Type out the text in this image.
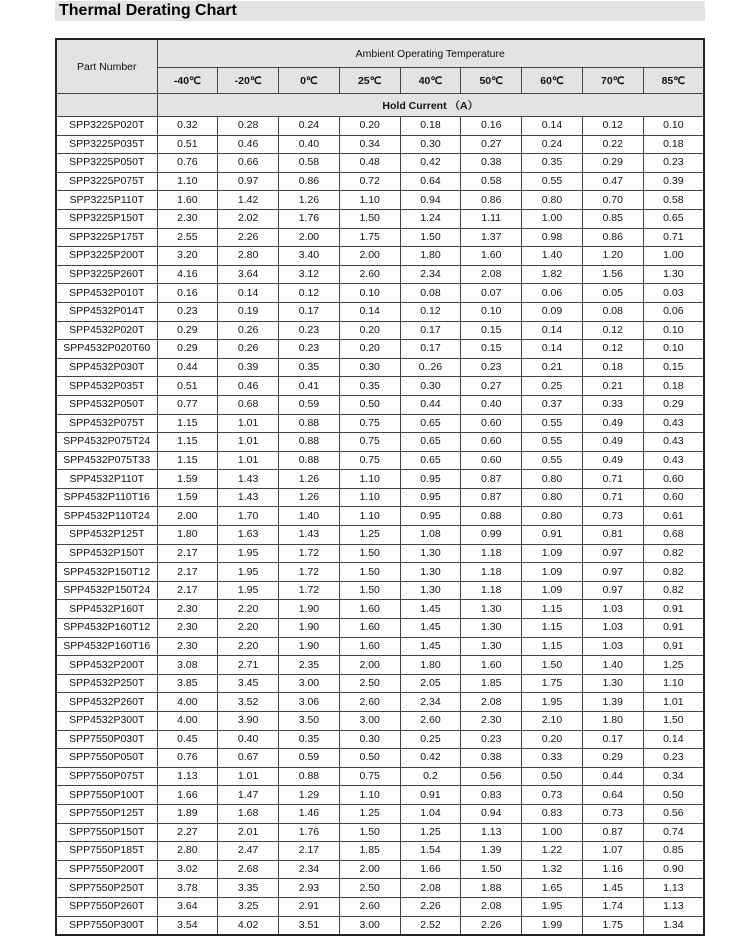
Thermal Derating Chart
Part Number	Ambient Operating Temperature								
	-40℃	-20℃	0℃	25℃	40℃	50℃	60℃	70℃	85℃
	Hold Current （A）								
SPP3225P020T	0.32	0.28	0.24	0.20	0.18	0.16	0.14	0.12	0.10
SPP3225P035T	0.51	0.46	0.40	0.34	0.30	0.27	0.24	0.22	0.18
SPP3225P050T	0.76	0.66	0.58	0.48	0.42	0.38	0.35	0.29	0.23
SPP3225P075T	1.10	0.97	0.86	0.72	0.64	0.58	0.55	0.47	0.39
SPP3225P110T	1.60	1.42	1.26	1.10	0.94	0.86	0.80	0.70	0.58
SPP3225P150T	2.30	2.02	1.76	1.50	1.24	1.11	1.00	0.85	0.65
SPP3225P175T	2.55	2.26	2.00	1.75	1.50	1.37	0.98	0.86	0.71
SPP3225P200T	3.20	2.80	3.40	2.00	1.80	1.60	1.40	1.20	1.00
SPP3225P260T	4.16	3.64	3.12	2.60	2.34	2.08	1.82	1.56	1.30
SPP4532P010T	0.16	0.14	0.12	0.10	0.08	0.07	0.06	0.05	0.03
SPP4532P014T	0.23	0.19	0.17	0.14	0.12	0.10	0.09	0.08	0.06
SPP4532P020T	0.29	0.26	0.23	0.20	0.17	0.15	0.14	0.12	0.10
SPP4532P020T60	0.29	0.26	0.23	0.20	0.17	0.15	0.14	0.12	0.10
SPP4532P030T	0.44	0.39	0.35	0.30	0..26	0.23	0.21	0.18	0.15
SPP4532P035T	0.51	0.46	0.41	0.35	0.30	0.27	0.25	0.21	0.18
SPP4532P050T	0.77	0.68	0.59	0.50	0.44	0.40	0.37	0.33	0.29
SPP4532P075T	1.15	1.01	0.88	0.75	0.65	0.60	0.55	0.49	0.43
SPP4532P075T24	1.15	1.01	0.88	0.75	0.65	0.60	0.55	0.49	0.43
SPP4532P075T33	1.15	1.01	0.88	0.75	0.65	0.60	0.55	0.49	0.43
SPP4532P110T	1.59	1.43	1.26	1.10	0.95	0.87	0.80	0.71	0.60
SPP4532P110T16	1.59	1.43	1.26	1.10	0.95	0.87	0.80	0.71	0.60
SPP4532P110T24	2.00	1.70	1.40	1.10	0.95	0.88	0.80	0.73	0.61
SPP4532P125T	1.80	1.63	1.43	1.25	1.08	0.99	0.91	0.81	0.68
SPP4532P150T	2.17	1.95	1.72	1.50	1.30	1.18	1.09	0.97	0.82
SPP4532P150T12	2.17	1.95	1.72	1.50	1.30	1.18	1.09	0.97	0.82
SPP4532P150T24	2.17	1.95	1.72	1.50	1.30	1.18	1.09	0.97	0.82
SPP4532P160T	2.30	2.20	1.90	1.60	1.45	1.30	1.15	1.03	0.91
SPP4532P160T12	2.30	2.20	1.90	1.60	1.45	1.30	1.15	1.03	0.91
SPP4532P160T16	2.30	2.20	1.90	1.60	1.45	1.30	1.15	1.03	0.91
SPP4532P200T	3.08	2.71	2.35	2.00	1.80	1.60	1.50	1.40	1.25
SPP4532P250T	3.85	3.45	3.00	2.50	2.05	1.85	1.75	1.30	1.10
SPP4532P260T	4.00	3.52	3.06	2.60	2.34	2.08	1.95	1.39	1.01
SPP4532P300T	4.00	3.90	3.50	3.00	2.60	2.30	2.10	1.80	1.50
SPP7550P030T	0.45	0.40	0.35	0.30	0.25	0.23	0.20	0.17	0.14
SPP7550P050T	0.76	0.67	0.59	0.50	0.42	0.38	0.33	0.29	0.23
SPP7550P075T	1.13	1.01	0.88	0.75	0.2	0.56	0.50	0.44	0.34
SPP7550P100T	1.66	1.47	1.29	1.10	0.91	0.83	0.73	0.64	0.50
SPP7550P125T	1.89	1.68	1.46	1.25	1.04	0.94	0.83	0.73	0.56
SPP7550P150T	2.27	2.01	1.76	1.50	1.25	1.13	1.00	0.87	0.74
SPP7550P185T	2.80	2.47	2.17	1.85	1.54	1.39	1.22	1.07	0.85
SPP7550P200T	3.02	2.68	2.34	2.00	1.66	1.50	1.32	1.16	0.90
SPP7550P250T	3.78	3.35	2.93	2.50	2.08	1.88	1.65	1.45	1.13
SPP7550P260T	3.64	3.25	2.91	2.60	2.26	2.08	1.95	1.74	1.13
SPP7550P300T	3.54	4.02	3.51	3.00	2.52	2.26	1.99	1.75	1.34
